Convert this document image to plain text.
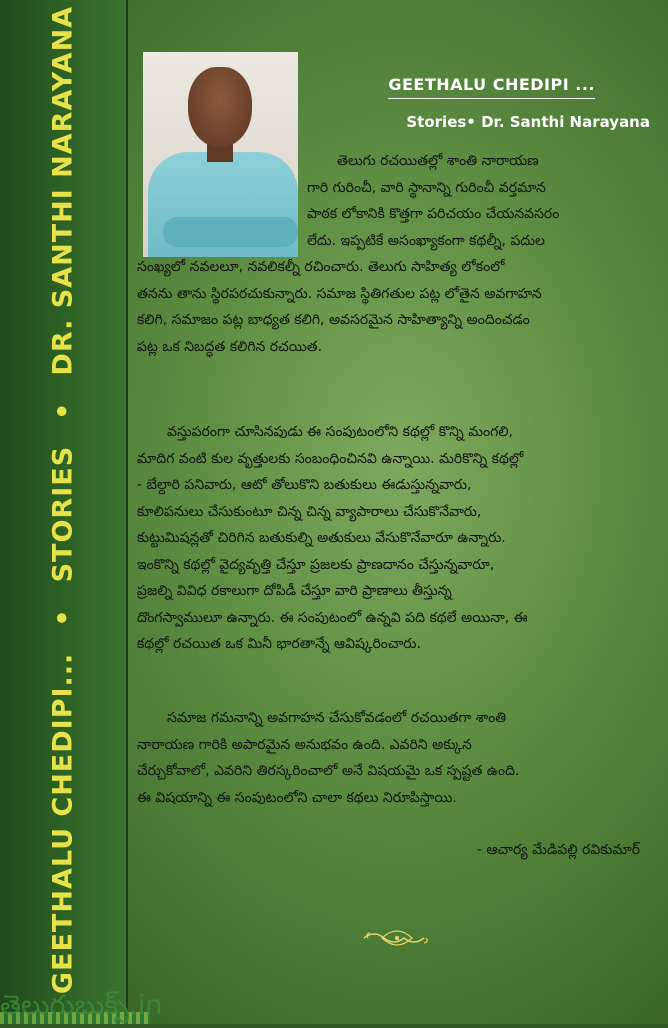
GEETHALU CHEDIPI...•STORIES•DR. SANTHI NARAYANA	GEETHALU CHEDIPI ...
Stories• Dr. Santhi Narayana
తెలుగు రచయితల్లో శాంతి నారాయణ
గారి గురించీ, వారి స్థానాన్ని గురించీ వర్తమాన
పాఠక లోకానికి కొత్తగా పరిచయం చేయనవసరం
లేదు. ఇప్పటికే అసంఖ్యాకంగా కథల్నీ, పదుల
సంఖ్యలో నవలలూ, నవలికల్నీ రచించారు. తెలుగు సాహిత్య లోకంలో
తనను తాను స్థిరపరచుకున్నారు. సమాజ స్థితిగతుల పట్ల లోతైన అవగాహన
కలిగి, సమాజం పట్ల బాధ్యత కలిగి, అవసరమైన సాహిత్యాన్ని అందించడం
పట్ల ఒక నిబద్ధత కలిగిన రచయిత.
వస్తుపరంగా చూసినపుడు ఈ సంపుటంలోని కథల్లో కొన్ని మంగలి,
మాదిగ వంటి కుల వృత్తులకు సంబంధించినవి ఉన్నాయి. మరికొన్ని కథల్లో
- బేల్దారి పనివారు, ఆటో తోలుకొని బతుకులు ఈడుస్తున్నవారు,
కూలిపనులు చేసుకుంటూ చిన్న చిన్న వ్యాపారాలు చేసుకొనేవారు,
కుట్టుమిషన్లతో చిరిగిన బతుకుల్ని అతుకులు వేసుకొనేవారూ ఉన్నారు.
ఇంకొన్ని కథల్లో వైద్యవృత్తి చేస్తూ ప్రజలకు ప్రాణదానం చేస్తున్నవారూ,
ప్రజల్ని వివిధ రకాలుగా దోపిడీ చేస్తూ వారి ప్రాణాలు తీస్తున్న
దొంగస్వాములూ ఉన్నారు. ఈ సంపుటంలో ఉన్నవి పది కథలే అయినా, ఈ
కథల్లో రచయిత ఒక మినీ భారతాన్నే ఆవిష్కరించారు.
సమాజ గమనాన్ని అవగాహన చేసుకోవడంలో రచయితగా శాంతి
నారాయణ గారికి అపారమైన అనుభవం ఉంది. ఎవరిని అక్కున
చేర్చుకోవాలో, ఎవరిని తిరస్కరించాలో అనే విషయమై ఒక స్పష్టత ఉంది.
ఈ విషయాన్ని ఈ సంపుటంలోని చాలా కథలు నిరూపిస్తాయి.
- ఆచార్య మేడిపల్లి రవికుమార్
తెలుగుబుక్స్.in
